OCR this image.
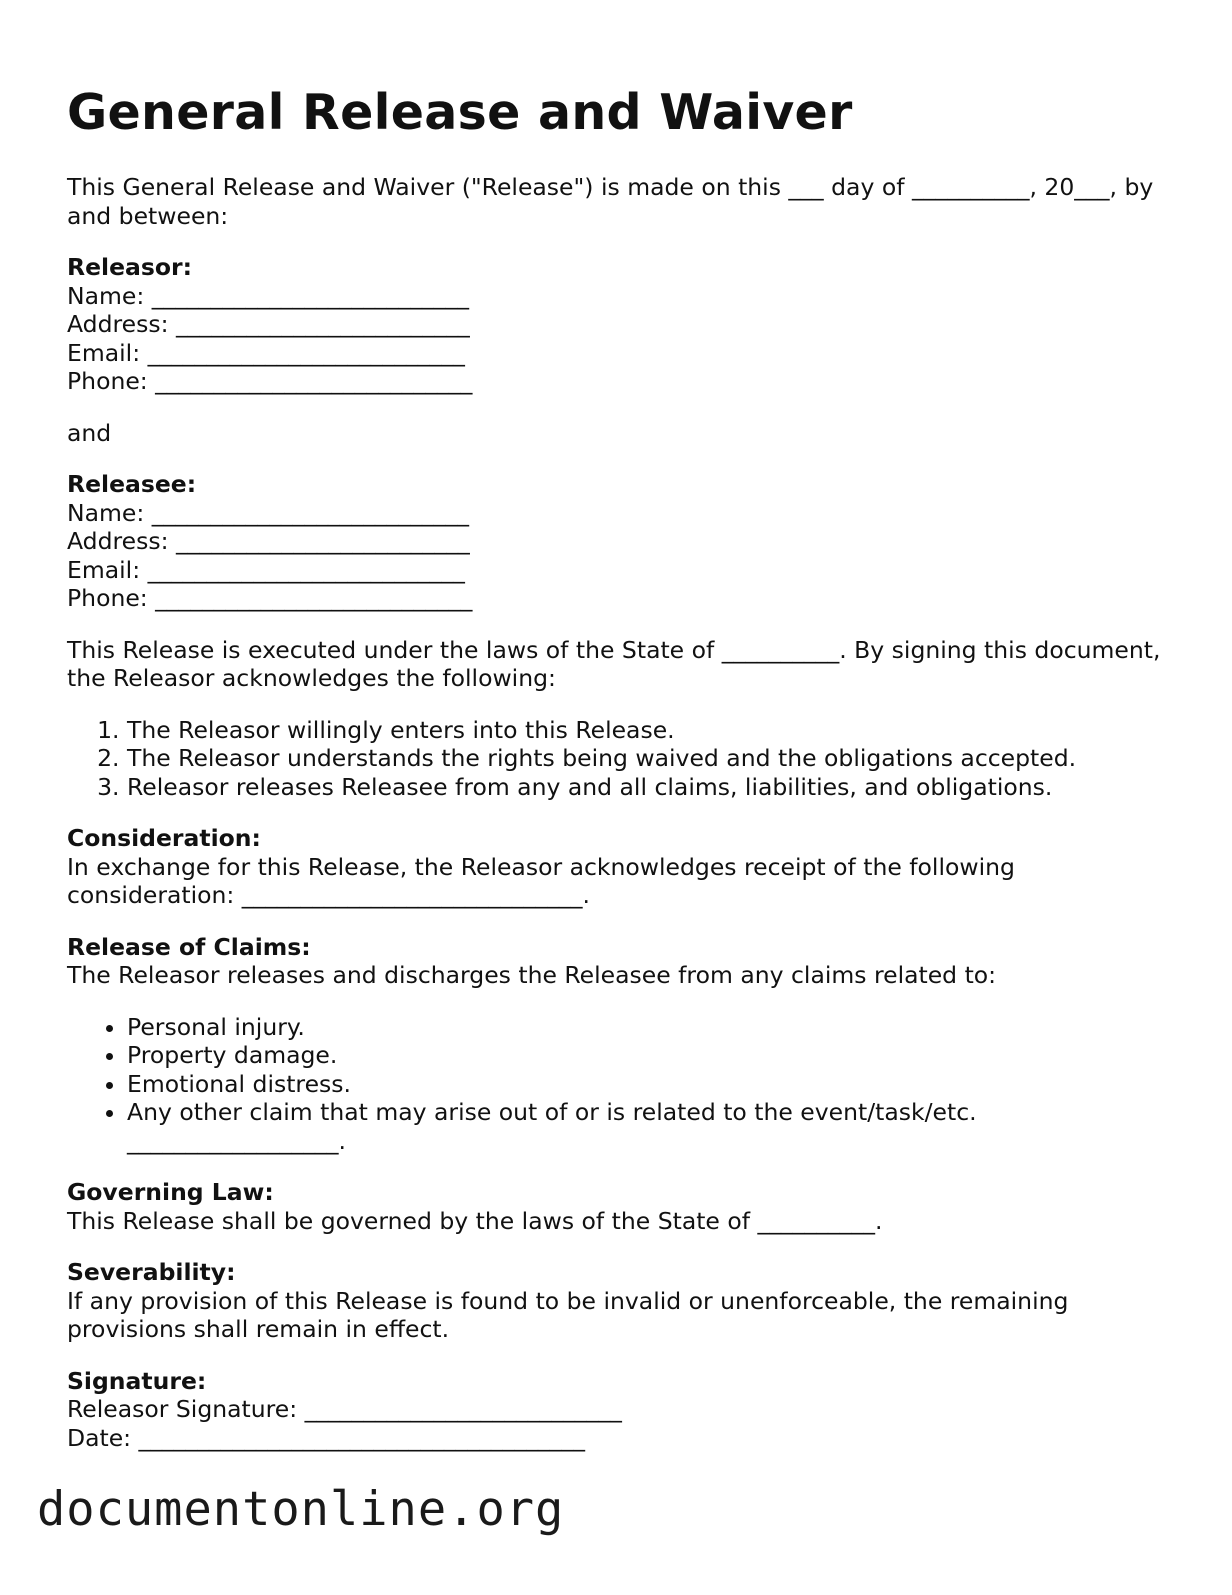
General Release and Waiver

This General Release and Waiver ("Release") is made on this ___ day of __________, 20___, by and between:

Releasor:
Name: ___________________________
Address: _________________________
Email: ___________________________
Phone: ___________________________

and

Releasee:
Name: ___________________________
Address: _________________________
Email: ___________________________
Phone: ___________________________

This Release is executed under the laws of the State of __________. By signing this document, the Releasor acknowledges the following:

1. The Releasor willingly enters into this Release.
2. The Releasor understands the rights being waived and the obligations accepted.
3. Releasor releases Releasee from any and all claims, liabilities, and obligations.
Consideration:

In exchange for this Release, the Releasor acknowledges receipt of the following consideration: _____________________________.

Release of Claims:

The Releasor releases and discharges the Releasee from any claims related to:

• Personal injury.
• Property damage.
• Emotional distress.
• Any other claim that may arise out of or is related to the event/task/etc. __________________.
Governing Law:

This Release shall be governed by the laws of the State of __________.

Severability:

If any provision of this Release is found to be invalid or unenforceable, the remaining provisions shall remain in effect.

Signature:
Releasor Signature: ___________________________
Date: ______________________________________
documentonline.org
